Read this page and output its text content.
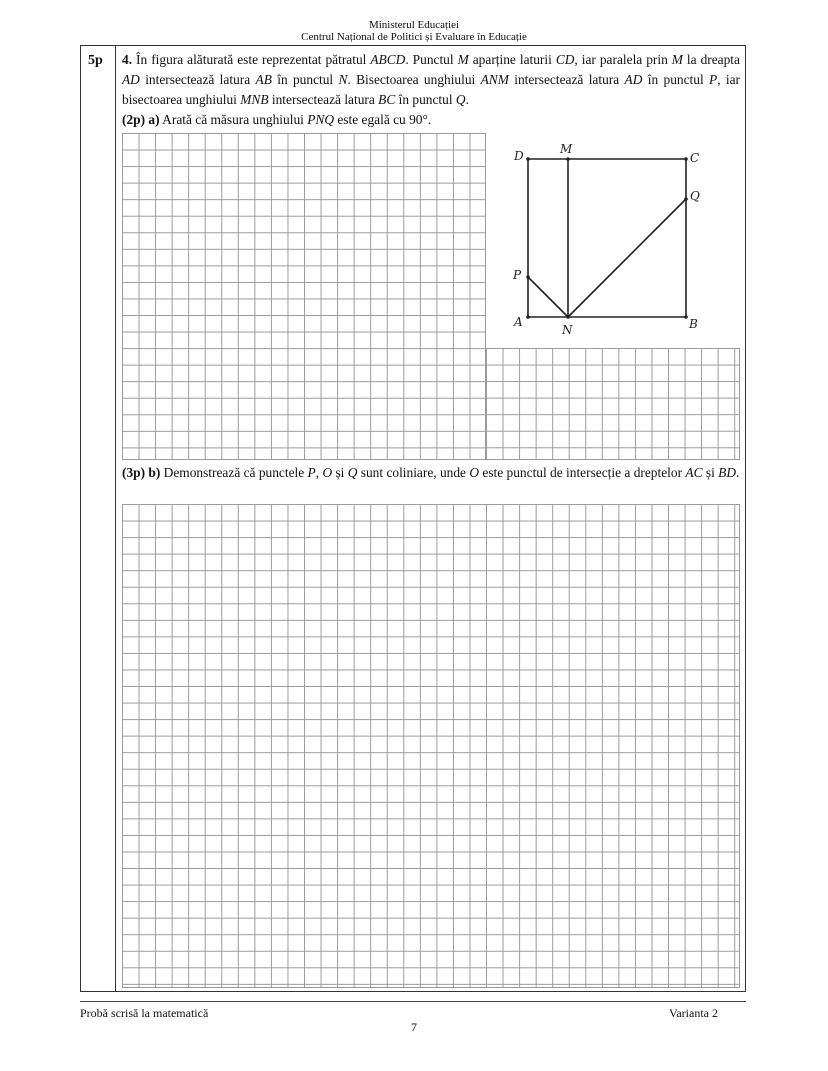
Ministerul Educației
Centrul Național de Politici și Evaluare în Educație
5p 4. În figura alăturată este reprezentat pătratul ABCD. Punctul M aparține laturii CD, iar paralela prin M la dreapta AD intersectează latura AB în punctul N. Bisectoarea unghiului ANM intersectează latura AD în punctul P, iar bisectoarea unghiului MNB intersectează latura BC în punctul Q.
(2p) a) Arată că măsura unghiului PNQ este egală cu 90°.
D	C
B
A
M
N
P
Q
(3p) b) Demonstrează că punctele P, O și Q sunt coliniare, unde O este punctul de intersecție a dreptelor AC și BD.
Probă scrisă la matematică	Varianta 2
7
